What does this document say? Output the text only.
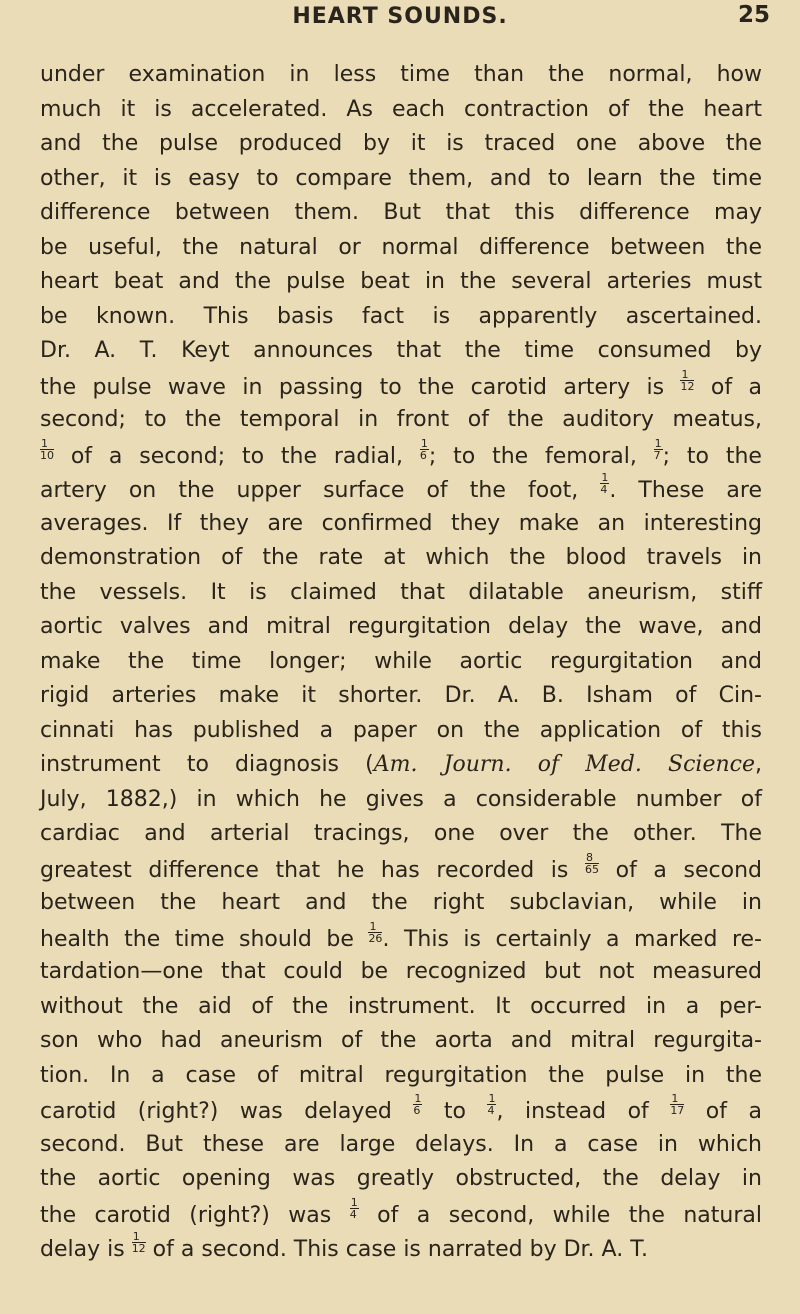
HEART SOUNDS.	25
under examination in less time than the normal, how
much it is accelerated. As each contraction of the heart
and the pulse produced by it is traced one above the
other, it is easy to compare them, and to learn the time
difference between them. But that this difference may
be useful, the natural or normal difference between the
heart beat and the pulse beat in the several arteries must
be known. This basis fact is apparently ascertained.
Dr. A. T. Keyt announces that the time consumed by
the pulse wave in passing to the carotid artery is $\frac{1}{12}$ of a
second; to the temporal in front of the auditory meatus,
$\frac{1}{10}$ of a second; to the radial, $\frac{1}{6}$ ; to the femoral, $\frac{1}{7}$ ; to the
artery on the upper surface of the foot, $\frac{1}{4}$ . These are
averages. If they are confirmed they make an interesting
demonstration of the rate at which the blood travels in
the vessels. It is claimed that dilatable aneurism, stiff
aortic valves and mitral regurgitation delay the wave, and
make the time longer; while aortic regurgitation and
rigid arteries make it shorter. Dr. A. B. Isham of Cin-
cinnati has published a paper on the application of this
instrument to diagnosis (Am. Journ. of Med. Science,
July, 1882,) in which he gives a considerable number of
cardiac and arterial tracings, one over the other. The
greatest difference that he has recorded is $\frac{8}{65}$ of a second
between the heart and the right subclavian, while in
health the time should be $\frac{1}{26}$ . This is certainly a marked re-
tardation—one that could be recognized but not measured
without the aid of the instrument. It occurred in a per-
son who had aneurism of the aorta and mitral regurgita-
tion. In a case of mitral regurgitation the pulse in the
carotid (right?) was delayed $\frac{1}{6}$ to $\frac{1}{4}$ , instead of $\frac{1}{17}$ of a
second. But these are large delays. In a case in which
the aortic opening was greatly obstructed, the delay in
the carotid (right?) was $\frac{1}{4}$ of a second, while the natural
delay is $\frac{1}{12}$ of a second. This case is narrated by Dr. A. T.
